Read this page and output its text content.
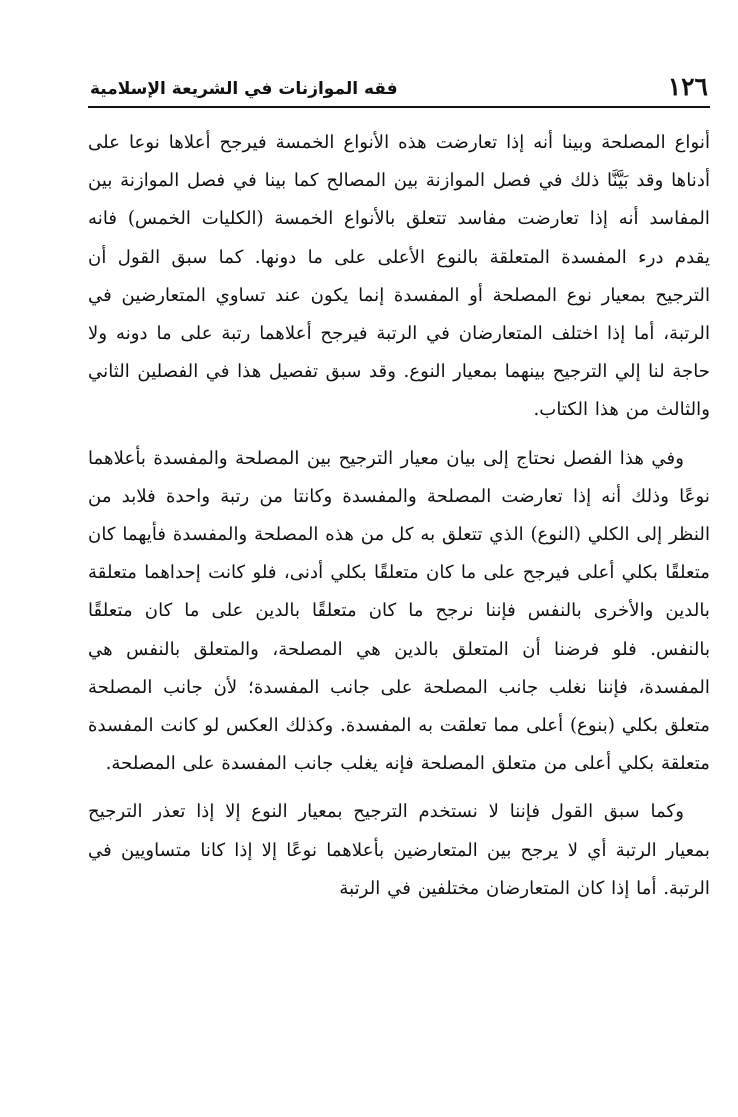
١٢٦
فقه الموازنات في الشريعة الإسلامية

أنواع المصلحة وبينا أنه إذا تعارضت هذه الأنواع الخمسة فيرجح أعلاها نوعا على أدناها وقد بَيَّنَّا ذلك في فصل الموازنة بين المصالح كما بينا في فصل الموازنة بين المفاسد أنه إذا تعارضت مفاسد تتعلق بالأنواع الخمسة (الكليات الخمس) فانه يقدم درء المفسدة المتعلقة بالنوع الأعلى على ما دونها. كما سبق القول أن الترجيح بمعيار نوع المصلحة أو المفسدة إنما يكون عند تساوي المتعارضين في الرتبة، أما إذا اختلف المتعارضان في الرتبة فيرجح أعلاهما رتبة على ما دونه ولا حاجة لنا إلي الترجيح بينهما بمعيار النوع. وقد سبق تفصيل هذا في الفصلين الثاني والثالث من هذا الكتاب.

وفي هذا الفصل نحتاج إلى بيان معيار الترجيح بين المصلحة والمفسدة بأعلاهما نوعًا وذلك أنه إذا تعارضت المصلحة والمفسدة وكانتا من رتبة واحدة فلابد من النظر إلى الكلي (النوع) الذي تتعلق به كل من هذه المصلحة والمفسدة فأيهما كان متعلقًا بكلي أعلى فيرجح على ما كان متعلقًا بكلي أدنى، فلو كانت إحداهما متعلقة بالدين والأخرى بالنفس فإننا نرجح ما كان متعلقًا بالدين على ما كان متعلقًا بالنفس. فلو فرضنا أن المتعلق بالدين هي المصلحة، والمتعلق بالنفس هي المفسدة، فإننا نغلب جانب المصلحة على جانب المفسدة؛ لأن جانب المصلحة متعلق بكلي (بنوع) أعلى مما تعلقت به المفسدة. وكذلك العكس لو كانت المفسدة متعلقة بكلي أعلى من متعلق المصلحة فإنه يغلب جانب المفسدة على المصلحة.

وكما سبق القول فإننا لا نستخدم الترجيح بمعيار النوع إلا إذا تعذر الترجيح بمعيار الرتبة أي لا يرجح بين المتعارضين بأعلاهما نوعًا إلا إذا كانا متساويين في الرتبة. أما إذا كان المتعارضان مختلفين في الرتبة
